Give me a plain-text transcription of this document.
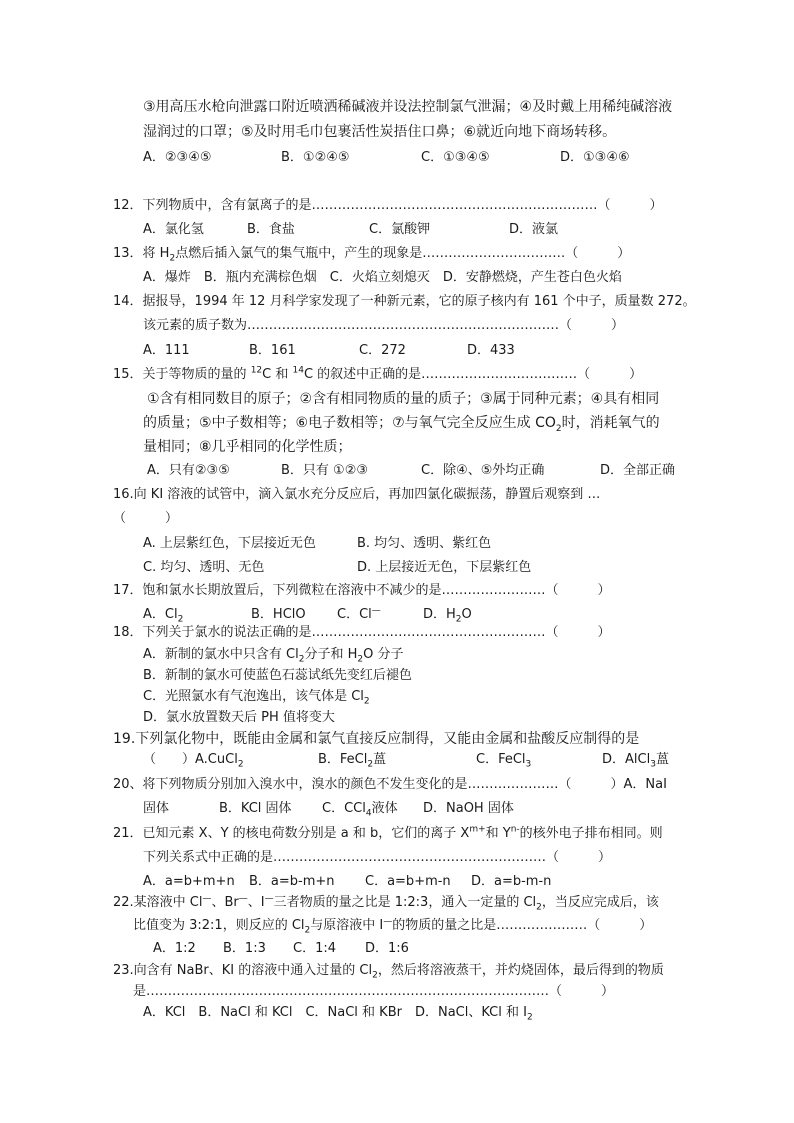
③用高压水枪向泄露口附近喷洒稀碱液并设法控制氯气泄漏；④及时戴上用稀纯碱溶液
湿润过的口罩；⑤及时用毛巾包裹活性炭捂住口鼻；⑥就近向地下商场转移。
A．②③④⑤	B．①②④⑤	C．①③④⑤	D．①③④⑥
12．下列物质中，含有氯离子的是…………………………………………………………（　　　）
A．氯化氢	B．食盐	C．氯酸钾	D．液氯
13．将 $H_2$点燃后插入氯气的集气瓶中，产生的现象是……………………………（　　　）
A．爆炸　B．瓶内充满棕色烟　C．火焰立刻熄灭　D．安静燃烧，产生苍白色火焰
14．据报导，1994 年 12 月科学家发现了一种新元素，它的原子核内有 161 个中子，质量数 272。
该元素的质子数为………………………………………………………………（　　　）
A．111	B．161	C．272	D．433
15．关于等物质的量的 $^{12}$C 和 $^{14}$C 的叙述中正确的是………………………………（　　　）
①含有相同数目的原子；②含有相同物质的量的质子；③属于同种元素；④具有相同
的质量；⑤中子数相等；⑥电子数相等；⑦与氧气完全反应生成 $CO_2$时，消耗氧气的
量相同；⑧几乎相同的化学性质；
A．只有②③⑤	B．只有 ①②③	C．除④、⑤外均正确	D．全部正确
16.向 KI 溶液的试管中，滴入氯水充分反应后，再加四氯化碳振荡，静置后观察到 …
（　　　）
A. 上层紫红色，下层接近无色	B. 均匀、透明、紫红色
C. 均匀、透明、无色	D. 上层接近无色，下层紫红色
17．饱和氯水长期放置后，下列微粒在溶液中不减少的是……………………（　　　）
A．$Cl_2$	B．HClO C．Cl—	D．$H_2O$
18．下列关于氯水的说法正确的是………………………………………………（　　　）
A．新制的氯水中只含有 $Cl_2$分子和 $H_2O$ 分子
B．新制的氯水可使蓝色石蕊试纸先变红后褪色
C．光照氯水有气泡逸出，该气体是 $Cl_2$
D．氯水放置数天后 PH 值将变大
19.下列氯化物中，既能由金属和氯气直接反应制得，又能由金属和盐酸反应制得的是
（　　）A.CuCl$_2$	B．FeCl$_2$蒕	C．FeCl$_3$	D．AlCl$_3$蒕
20、将下列物质分别加入溴水中，溴水的颜色不发生变化的是…………………（　　　）A．NaI
固体	B．KCl 固体 C．CCl$_4$液体 D．NaOH 固体
21．已知元素 X、Y 的核电荷数分别是 a 和 b，它们的离子 $X^{m+}$和 $Y^{n-}$的核外电子排布相同。则
下列关系式中正确的是………………………………………………………（　　　）
A．a=b+m+n B．a=b-m+n C．a=b+m-n D．a=b-m-n
22.某溶液中 Cl—、Br—、I—三者物质的量之比是 1:2:3，通入一定量的 $Cl_2$，当反应完成后，该
比值变为 3:2:1，则反应的 $Cl_2$与原溶液中 I—的物质的量之比是…………………（　　　）
A．1:2 B．1:3 C．1:4 D．1:6
23.向含有 NaBr、KI 的溶液中通入过量的 $Cl_2$，然后将溶液蒸干，并灼烧固体，最后得到的物质
是…………………………………………………………………………………（　　　）
A．KCl　B．NaCl 和 KCl　C．NaCl 和 KBr　D．NaCl、KCl 和 $I_2$
